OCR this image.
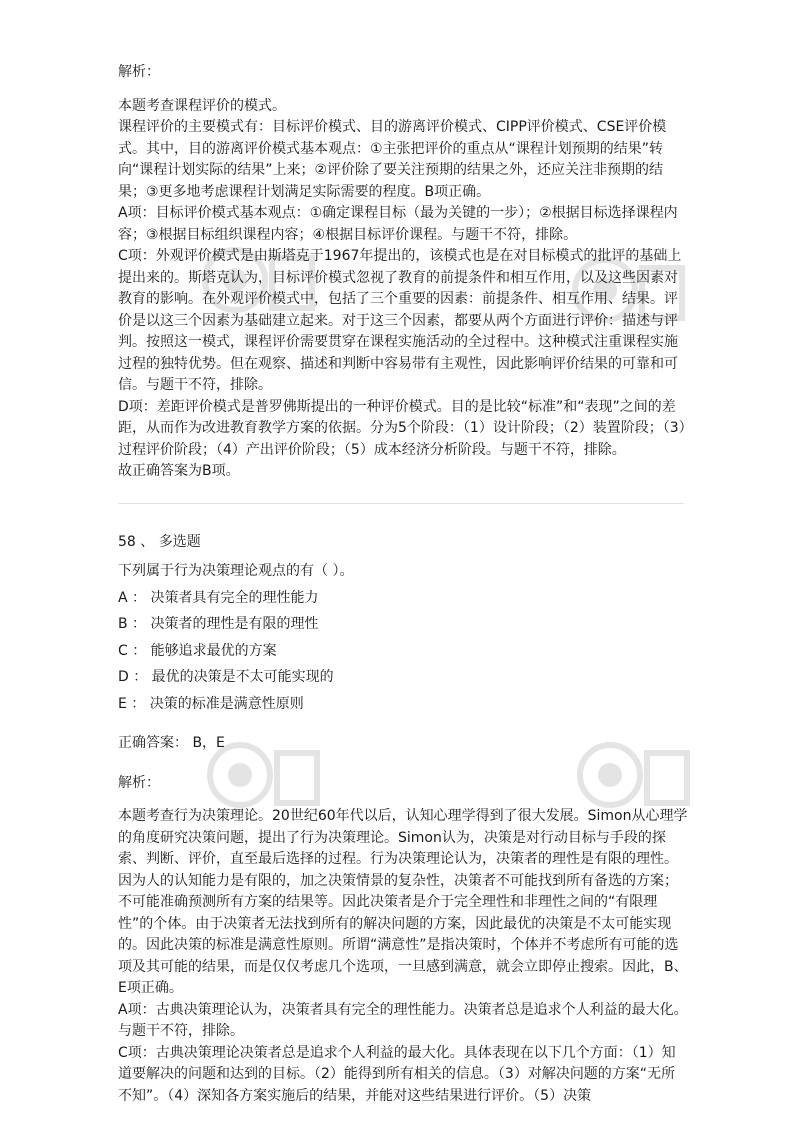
解析：

本题考查课程评价的模式。

课程评价的主要模式有：目标评价模式、目的游离评价模式、CIPP评价模式、CSE评价模式。其中，目的游离评价模式基本观点：①主张把评价的重点从“课程计划预期的结果”转向“课程计划实际的结果”上来；②评价除了要关注预期的结果之外，还应关注非预期的结果；③更多地考虑课程计划满足实际需要的程度。B项正确。

A项：目标评价模式基本观点：①确定课程目标（最为关键的一步）；②根据目标选择课程内容；③根据目标组织课程内容；④根据目标评价课程。与题干不符，排除。

C项：外观评价模式是由斯塔克于1967年提出的，该模式也是在对目标模式的批评的基础上提出来的。斯塔克认为，目标评价模式忽视了教育的前提条件和相互作用，以及这些因素对教育的影响。在外观评价模式中，包括了三个重要的因素：前提条件、相互作用、结果。评价是以这三个因素为基础建立起来。对于这三个因素，都要从两个方面进行评价：描述与评判。按照这一模式，课程评价需要贯穿在课程实施活动的全过程中。这种模式注重课程实施过程的独特优势。但在观察、描述和判断中容易带有主观性，因此影响评价结果的可靠和可信。与题干不符，排除。

D项：差距评价模式是普罗佛斯提出的一种评价模式。目的是比较“标准”和“表现”之间的差距，从而作为改进教育教学方案的依据。分为5个阶段：（1）设计阶段；（2）装置阶段；（3）过程评价阶段；（4）产出评价阶段；（5）成本经济分析阶段。与题干不符，排除。

故正确答案为B项。

58 、 多选题

下列属于行为决策理论观点的有（ ）。

A ： 决策者具有完全的理性能力

B ： 决策者的理性是有限的理性

C ： 能够追求最优的方案

D ： 最优的决策是不太可能实现的

E ： 决策的标准是满意性原则

正确答案： B，E

解析：

本题考查行为决策理论。20世纪60年代以后，认知心理学得到了很大发展。Simon从心理学的角度研究决策问题，提出了行为决策理论。Simon认为，决策是对行动目标与手段的探索、判断、评价，直至最后选择的过程。行为决策理论认为，决策者的理性是有限的理性。因为人的认知能力是有限的，加之决策情景的复杂性，决策者不可能找到所有备选的方案；不可能准确预测所有方案的结果等。因此决策者是介于完全理性和非理性之间的“有限理性”的个体。由于决策者无法找到所有的解决问题的方案，因此最优的决策是不太可能实现的。因此决策的标准是满意性原则。所谓“满意性”是指决策时，个体并不考虑所有可能的选项及其可能的结果，而是仅仅考虑几个选项，一旦感到满意，就会立即停止搜索。因此，B、E项正确。

A项：古典决策理论认为，决策者具有完全的理性能力。决策者总是追求个人利益的最大化。与题干不符，排除。

C项：古典决策理论决策者总是追求个人利益的最大化。具体表现在以下几个方面：（1）知道要解决的问题和达到的目标。（2）能得到所有相关的信息。（3）对解决问题的方案“无所不知”。（4）深知各方案实施后的结果，并能对这些结果进行评价。（5）决策
